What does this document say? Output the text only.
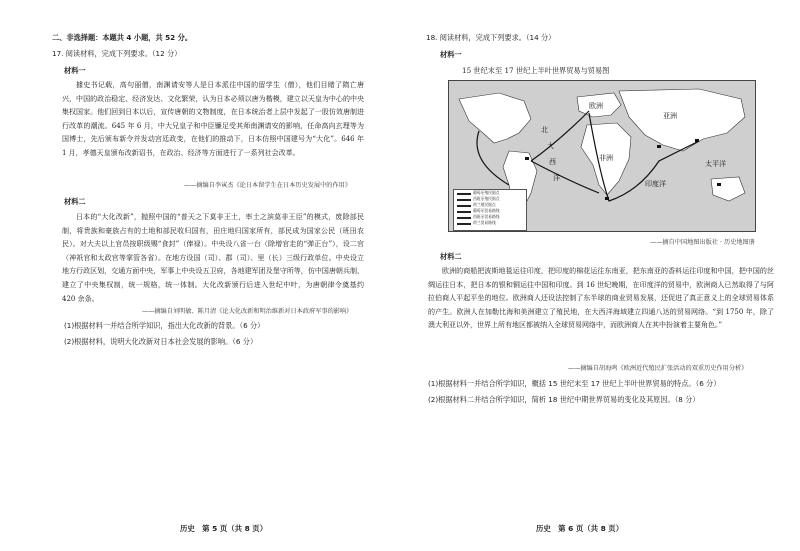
二、非选择题：本题共 4 小题，共 52 分。
17. 阅读材料，完成下列要求。（12 分）
材料一
據史书记载，高句丽僧，南渊请安等人是日本派往中国的留学生（僧），他们目睹了隋亡唐兴，中国的政治稳定、经济发达、文化繁荣，认为日本必须以唐为楷模，建立以天皇为中心的中央集权国家。他们回到日本以后，宣传唐朝的文物制度，在日本统治者上层中发起了一股仿效唐制进行改革的潮流。645 年 6 月，中大兄皇子和中臣镰足受其师南渊请安的影响，任命高向玄理等为国博士，先后颁布新令并发动宫廷政变，在他们的推动下，日本仿照中国建号为“大化”。646 年 1 月，孝德天皇颁布改新诏书，在政治、经济等方面进行了一系列社会改革。
——摘编自李寅杰《论日本留学生在日本历史发展中的作用》
材料二
日本的“大化改新”，抛照中国的“普天之下莫非王土，率土之滨莫非王臣”的模式，废除部民制，将贵族和豪族占有的土地和部民收归国有，田庄地归国家所有，部民成为国家公民（班田农民）。对大夫以上官员按职级赐“食封”（俸禄）。中央设八省一台（除增官走的“弹正台”），设二官（神祇官和太政官等掌管各省）。在地方设国（司）、郡（司）、里（长）三级行政单位。中央设立地方行政区划，交通方面中央，军事上中央设五卫府，各地建军团及堡守所等，仿中国唐朝兵制，建立了中央集权制，统一规格，统一体制。大化改新颁行后进入世纪中叶，为唐朝律令奠基约 420 余条。
——摘编自刘明敏、陈月清《论大化改新和明治维新对日本政府军事的影响》
(1)根据材料一并结合所学知识，指出大化改新的背景。（6 分）
(2)根据材料，说明大化改新对日本社会发展的影响。（6 分）
历史　第 5 页（共 8 页）
18. 阅读材料，完成下列要求。（14 分）
材料一
15 世纪末至 17 世纪上半叶世界贸易与贸易图
北
大
西
洋
太平洋
印度洋
欧洲
亚洲
非洲
葡萄牙殖民据点
西班牙殖民据点
荷兰殖民据点
葡萄牙贸易路线
西班牙贸易路线
荷兰贸易路线
——摘自中国地图出版社 · 历史地图册
材料二
欧洲的商船把波斯地毯运往印度，把印度的棉花运往东南亚，把东南亚的香料运往印度和中国，把中国的丝绸运往日本，把日本的银和铜运往中国和印度。到 16 世纪晚期，在印度洋的贸易中，欧洲商人已然取得了与阿拉伯商人平起平坐的地位。欧洲商人还设法控制了东半球的商业贸易发展，还促进了真正意义上的全球贸易体系的产生。欧洲人在加勒比海和美洲建立了殖民地，在大西洋海域建立四通八达的贸易网络。“到 1750 年，除了澳大利亚以外，世界上所有地区都被纳入全球贸易网络中，而欧洲商人在其中扮演着主要角色。”
——摘编自胡海鸣《欧洲近代殖民扩张活动的双重历史作用分析》
(1)根据材料一并结合所学知识，概括 15 世纪末至 17 世纪上半叶世界贸易的特点。（6 分）
(2)根据材料二并结合所学知识，简析 18 世纪中期世界贸易的变化及其原因。（8 分）
历史　第 6 页（共 8 页）
